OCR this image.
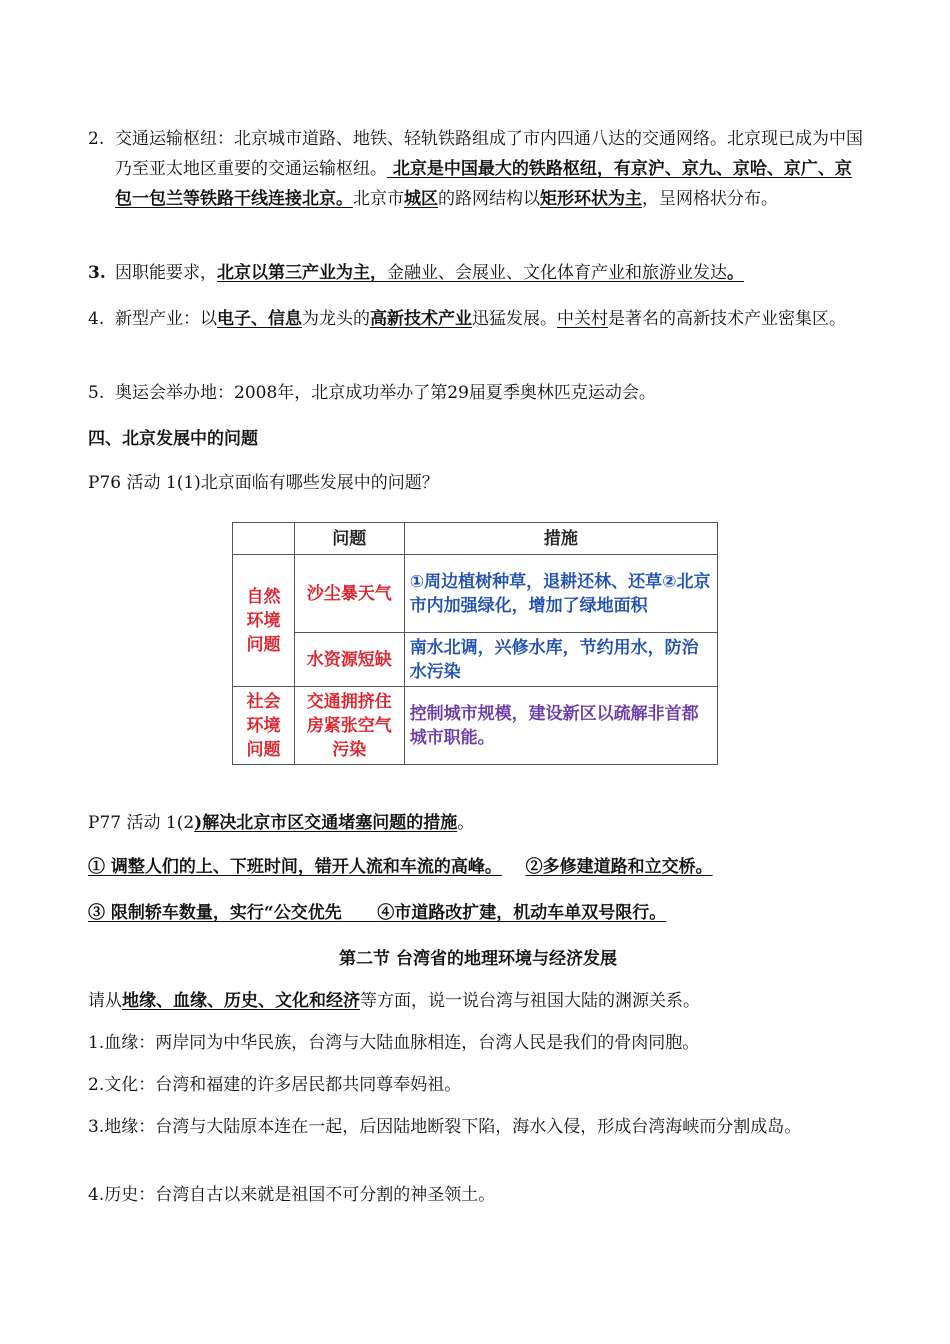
2. 交通运输枢纽：北京城市道路、地铁、轻轨铁路组成了市内四通八达的交通网络。北京现已成为中国乃至亚太地区重要的交通运输枢纽。 北京是中国最大的铁路枢纽，有京沪、京九、京哈、京广、京包一包兰等铁路干线连接北京。北京市城区的路网结构以矩形环状为主，呈网格状分布。
3. 因职能要求，北京以第三产业为主，金融业、会展业、文化体育产业和旅游业发达。
4. 新型产业：以电子、信息为龙头的高新技术产业迅猛发展。中关村是著名的高新技术产业密集区。
5. 奥运会举办地：2008年，北京成功举办了第29届夏季奥林匹克运动会。
四、北京发展中的问题
P76 活动 1(1)北京面临有哪些发展中的问题？
	问题	措施
自然环境问题	沙尘暴天气	①周边植树种草，退耕还林、还草②北京市内加强绿化，增加了绿地面积
	水资源短缺	南水北调，兴修水库，节约用水，防治水污染
社会环境问题	交通拥挤住房紧张空气污染	控制城市规模，建设新区以疏解非首都城市职能。
P77 活动 1(2)解决北京市区交通堵塞问题的措施。
① 调整人们的上、下班时间，错开人流和车流的高峰。 ②多修建道路和立交桥。
③ 限制轿车数量，实行“公交优先 ④市道路改扩建，机动车单双号限行。
第二节 台湾省的地理环境与经济发展
请从地缘、血缘、历史、文化和经济等方面，说一说台湾与祖国大陆的渊源关系。
1.血缘：两岸同为中华民族，台湾与大陆血脉相连，台湾人民是我们的骨肉同胞。
2.文化：台湾和福建的许多居民都共同尊奉妈祖。
3.地缘：台湾与大陆原本连在一起，后因陆地断裂下陷，海水入侵，形成台湾海峡而分割成岛。
4.历史：台湾自古以来就是祖国不可分割的神圣领土。
